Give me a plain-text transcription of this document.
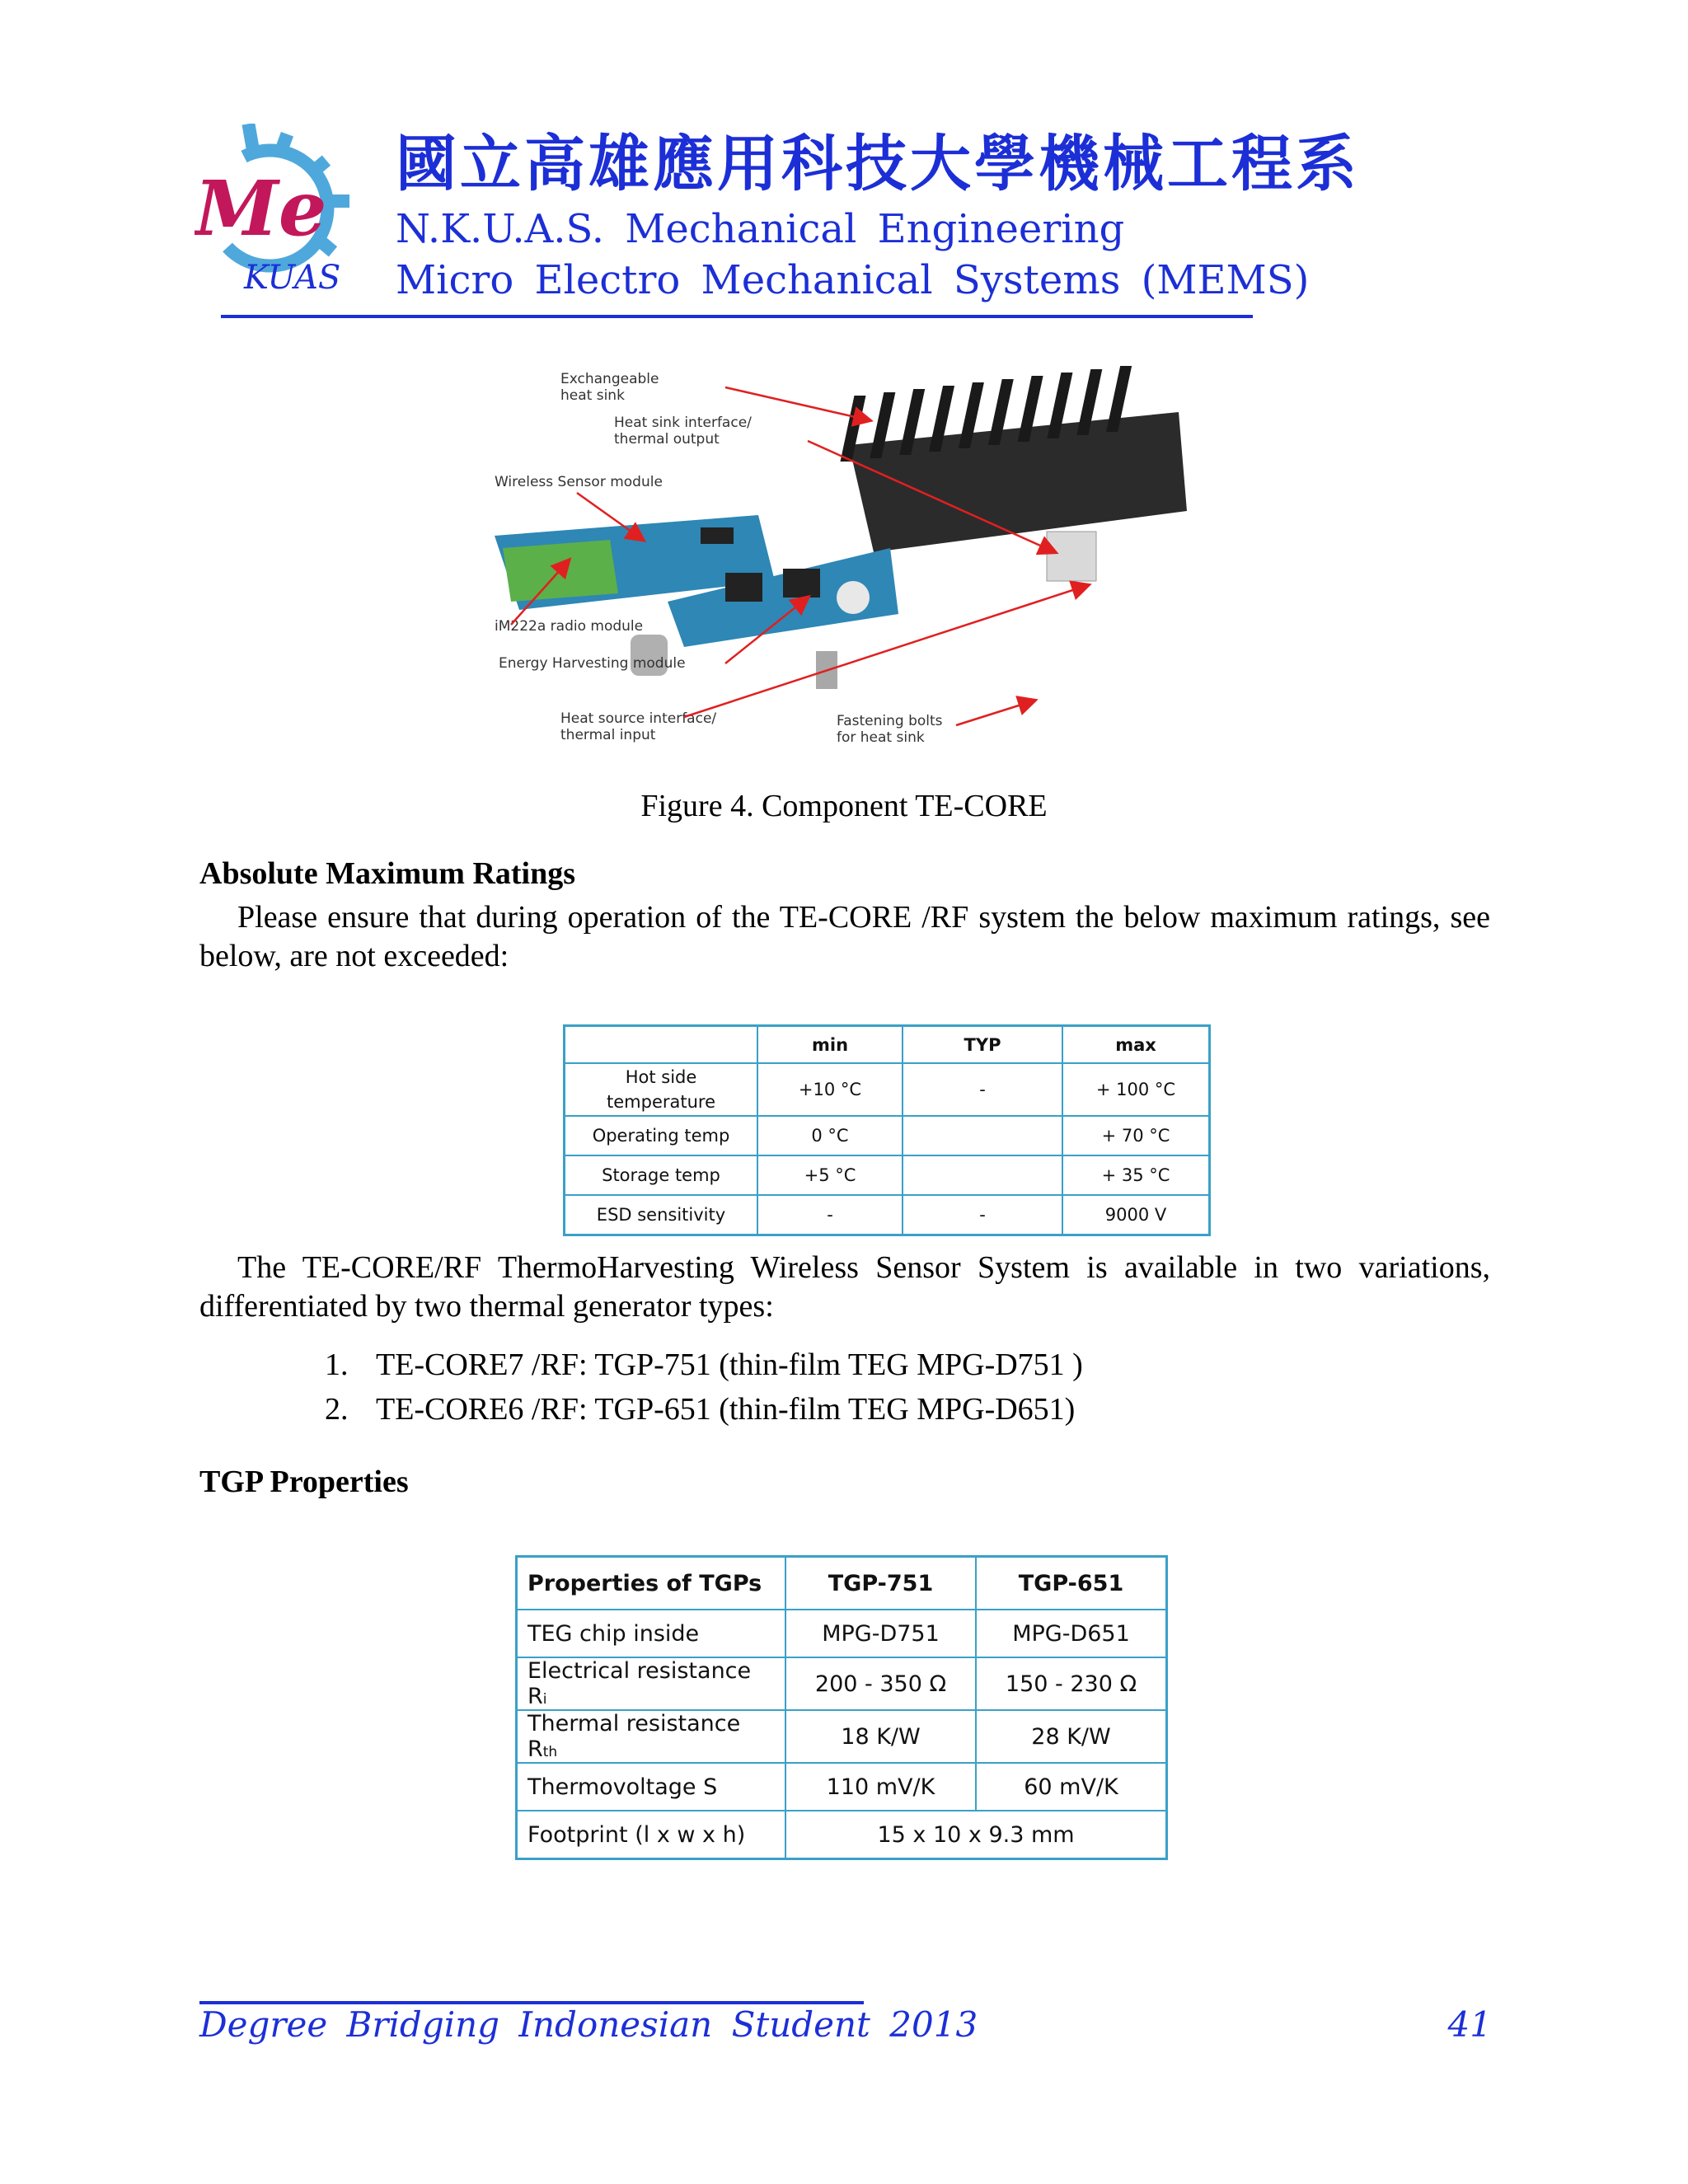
Me
KUAS
國立高雄應用科技大學機械工程系
N.K.U.A.S. Mechanical Engineering
Micro Electro Mechanical Systems (MEMS)
Exchangeable
heat sink
Heat sink interface/
thermal output
Wireless Sensor module
iM222a radio module
Energy Harvesting module
Heat source interface/
thermal input
Fastening bolts
for heat sink
Figure 4. Component TE-CORE
Absolute Maximum Ratings
Please ensure that during operation of the TE-CORE /RF system the below maximum ratings, see below, are not exceeded:
	min	TYP	max
Hot side temperature	+10 °C	-	+ 100 °C
Operating temp	0 °C		+ 70 °C
Storage temp	+5 °C		+ 35 °C
ESD sensitivity	-	-	9000 V
The TE-CORE/RF ThermoHarvesting Wireless Sensor System is available in two variations, differentiated by two thermal generator types:
1. TE-CORE7 /RF: TGP-751 (thin-film TEG MPG-D751 )
2. TE-CORE6 /RF: TGP-651 (thin-film TEG MPG-D651)
TGP Properties
Properties of TGPs	TGP-751	TGP-651
TEG chip inside	MPG-D751	MPG-D651
Electrical resistance Ri	200 - 350 Ω	150 - 230 Ω
Thermal resistance Rth	18 K/W	28 K/W
Thermovoltage S	110 mV/K	60 mV/K
Footprint (l x w x h)	15 x 10 x 9.3 mm	
Degree Bridging Indonesian Student 2013	41
